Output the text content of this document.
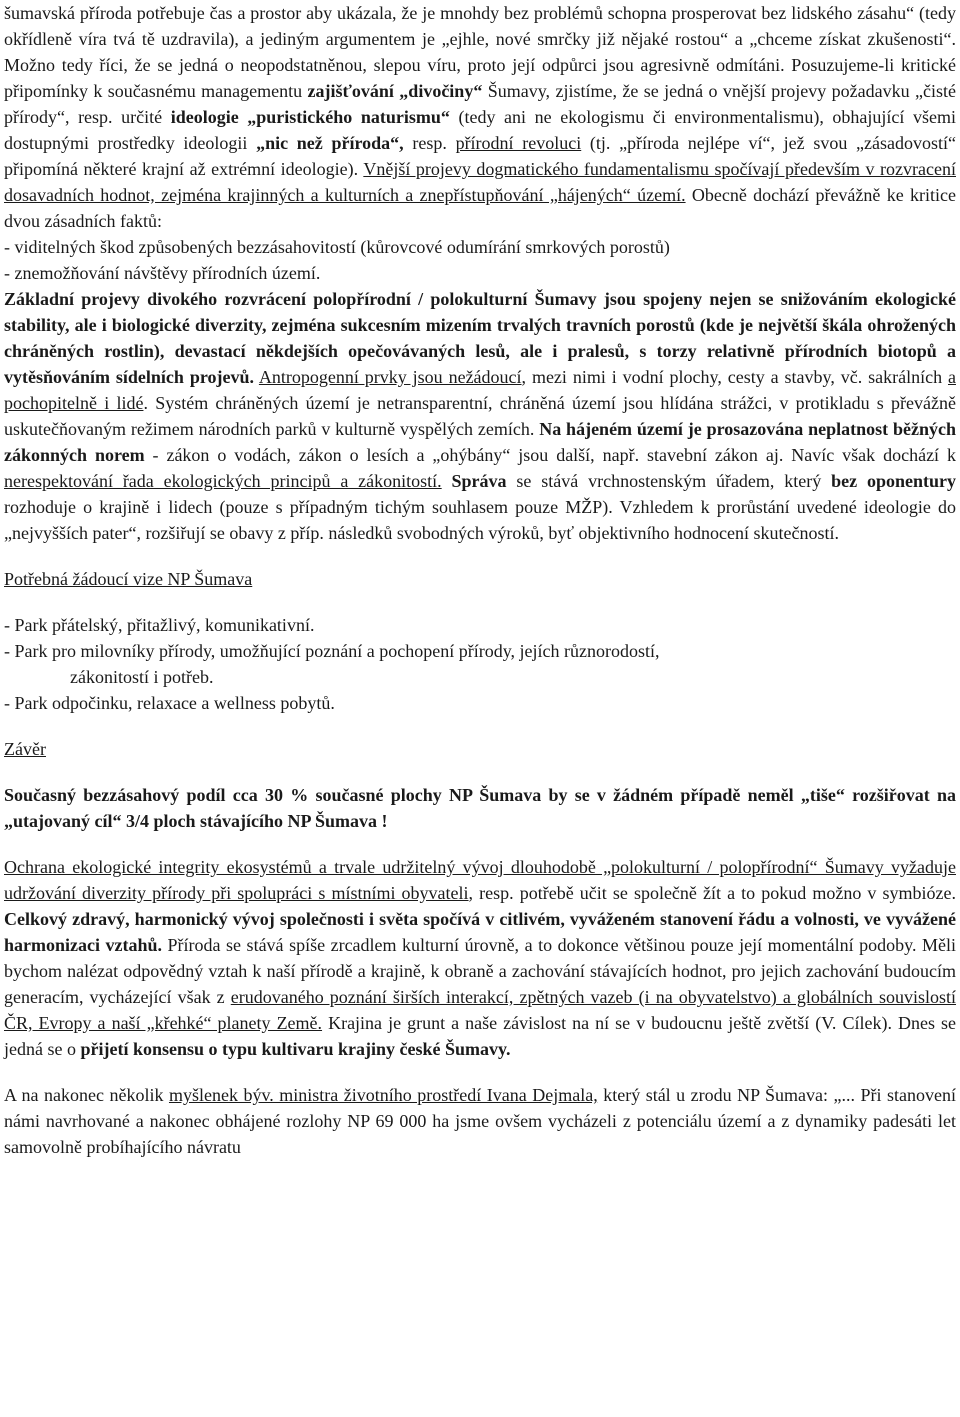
šumavská příroda potřebuje čas a prostor aby ukázala, že je mnohdy bez problémů schopna prosperovat bez lidského zásahu“ (tedy okřídleně víra tvá tě uzdravila), a jediným argumentem je „ejhle, nové smrčky již nějaké rostou“ a „chceme získat zkušenosti“. Možno tedy říci, že se jedná o neopodstatněnou, slepou víru, proto její odpůrci jsou agresivně odmítáni. Posuzujeme-li kritické připomínky k současnému managementu zajišťování „divočiny“ Šumavy, zjistíme, že se jedná o vnější projevy požadavku „čisté přírody“, resp. určité ideologie „puristického naturismu“ (tedy ani ne ekologismu či environmentalismu), obhajující všemi dostupnými prostředky ideologii „nic než příroda“, resp. přírodní revoluci (tj. „příroda nejlépe ví“, jež svou „zásadovostí“ připomíná některé krajní až extrémní ideologie). Vnější projevy dogmatického fundamentalismu spočívají především v rozvracení dosavadních hodnot, zejména krajinných a kulturních a znepřístupňování „hájených“ území. Obecně dochází převážně ke kritice dvou zásadních faktů:

- viditelných škod způsobených bezzásahovitostí (kůrovcové odumírání smrkových porostů)

- znemožňování návštěvy přírodních území.

Základní projevy divokého rozvrácení polopřírodní / polokulturní Šumavy jsou spojeny nejen se snižováním ekologické stability, ale i biologické diverzity, zejména sukcesním mizením trvalých travních porostů (kde je největší škála ohrožených chráněných rostlin), devastací někdejších opečovávaných lesů, ale i pralesů, s torzy relativně přírodních biotopů a vytěsňováním sídelních projevů. Antropogenní prvky jsou nežádoucí, mezi nimi i vodní plochy, cesty a stavby, vč. sakrálních a pochopitelně i lidé. Systém chráněných území je netransparentní, chráněná území jsou hlídána strážci, v protikladu s převážně uskutečňovaným režimem národních parků v kulturně vyspělých zemích. Na hájeném území je prosazována neplatnost běžných zákonných norem - zákon o vodách, zákon o lesích a „ohýbány“ jsou další, např. stavební zákon aj. Navíc však dochází k nerespektování řada ekologických principů a zákonitostí. Správa se stává vrchnostenským úřadem, který bez oponentury rozhoduje o krajině i lidech (pouze s případným tichým souhlasem pouze MŽP). Vzhledem k prorůstání uvedené ideologie do „nejvyšších pater“, rozšiřují se obavy z příp. následků svobodných výroků, byť objektivního hodnocení skutečností.

Potřebná žádoucí vize NP Šumava

- Park přátelský, přitažlivý, komunikativní.

- Park pro milovníky přírody, umožňující poznání a pochopení přírody, jejích různorodostí,

zákonitostí i potřeb.

- Park odpočinku, relaxace a wellness pobytů.

Závěr

Současný bezzásahový podíl cca 30 % současné plochy NP Šumava by se v žádném případě neměl „tiše“ rozšiřovat na „utajovaný cíl“ 3/4 ploch stávajícího NP Šumava !

Ochrana ekologické integrity ekosystémů a trvale udržitelný vývoj dlouhodobě „polokulturní / polopřírodní“ Šumavy vyžaduje udržování diverzity přírody při spolupráci s místními obyvateli, resp. potřebě učit se společně žít a to pokud možno v symbióze. Celkový zdravý, harmonický vývoj společnosti i světa spočívá v citlivém, vyváženém stanovení řádu a volnosti, ve vyvážené harmonizaci vztahů. Příroda se stává spíše zrcadlem kulturní úrovně, a to dokonce většinou pouze její momentální podoby. Měli bychom nalézat odpovědný vztah k naší přírodě a krajině, k obraně a zachování stávajících hodnot, pro jejich zachování budoucím generacím, vycházející však z erudovaného poznání širších interakcí, zpětných vazeb (i na obyvatelstvo) a globálních souvislostí ČR, Evropy a naší „křehké“ planety Země. Krajina je grunt a naše závislost na ní se v budoucnu ještě zvětší (V. Cílek). Dnes se jedná se o přijetí konsensu o typu kultivaru krajiny české Šumavy.

A na nakonec několik myšlenek býv. ministra životního prostředí Ivana Dejmala, který stál u zrodu NP Šumava: „... Při stanovení námi navrhované a nakonec obhájené rozlohy NP 69 000 ha jsme ovšem vycházeli z potenciálu území a z dynamiky padesáti let samovolně probíhajícího návratu
